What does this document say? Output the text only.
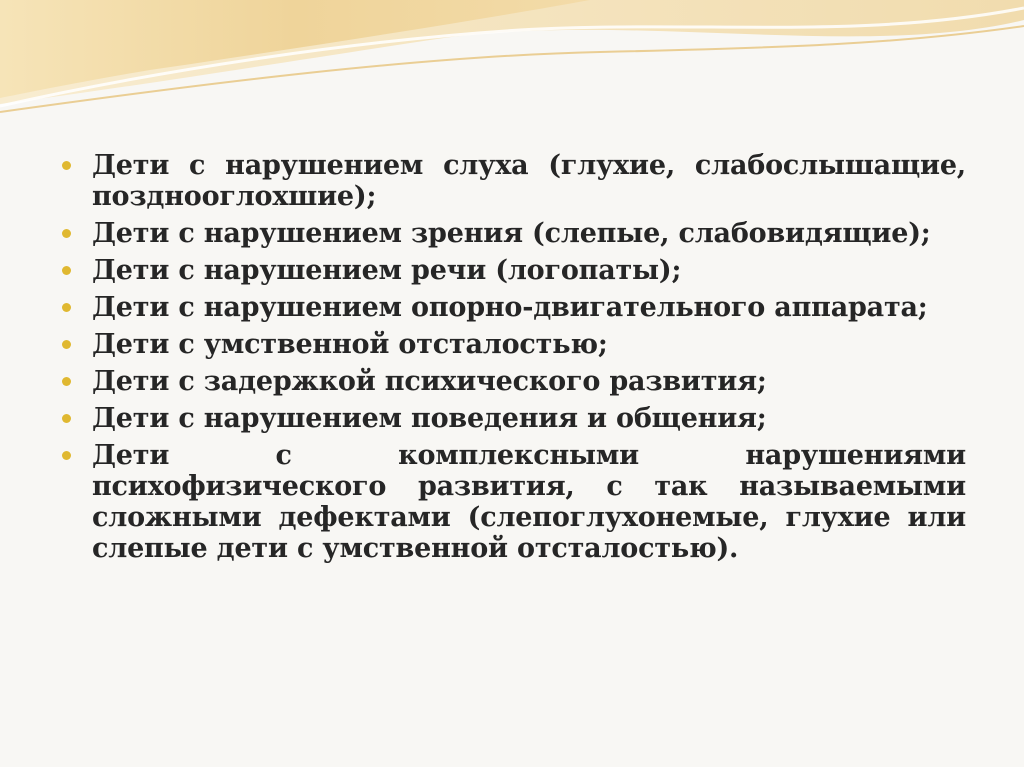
Дети с нарушением слуха (глухие, слабослышащие, позднооглохшие);
Дети с нарушением зрения (слепые, слабовидящие);
Дети с нарушением речи (логопаты);
Дети с нарушением опорно-двигательного аппарата;
Дети с умственной отсталостью;
Дети с задержкой психического развития;
Дети с нарушением поведения и общения;
Дети с комплексными нарушениями психофизического развития, с так называемыми сложными дефектами (слепоглухонемые, глухие или слепые дети с умственной отсталостью).
